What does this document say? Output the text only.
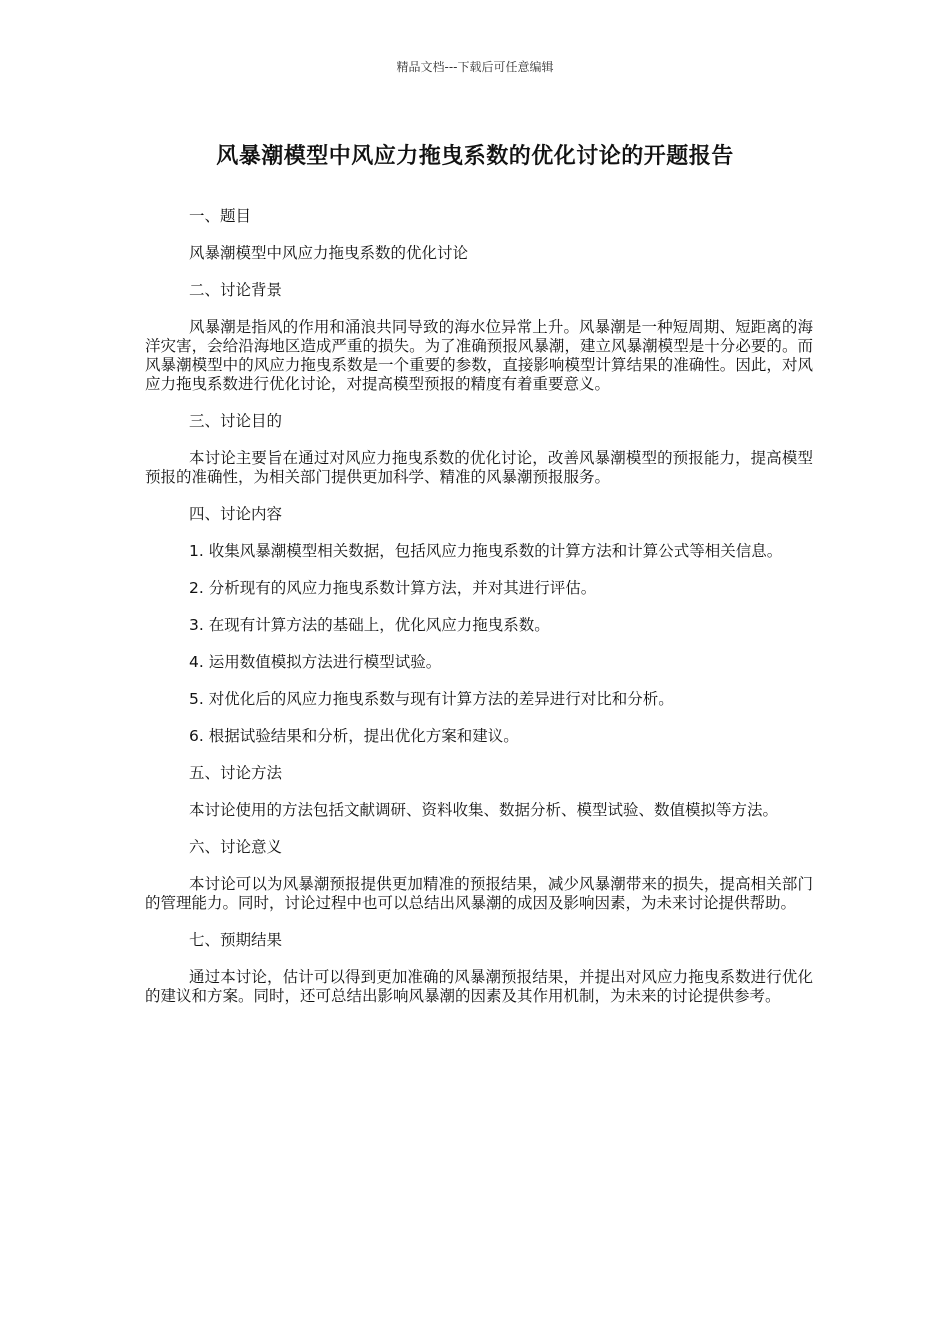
精品文档---下载后可任意编辑
风暴潮模型中风应力拖曳系数的优化讨论的开题报告

一、题目

风暴潮模型中风应力拖曳系数的优化讨论

二、讨论背景

风暴潮是指风的作用和涌浪共同导致的海水位异常上升。风暴潮是一种短周期、短距离的海洋灾害，会给沿海地区造成严重的损失。为了准确预报风暴潮，建立风暴潮模型是十分必要的。而风暴潮模型中的风应力拖曳系数是一个重要的参数，直接影响模型计算结果的准确性。因此，对风应力拖曳系数进行优化讨论，对提高模型预报的精度有着重要意义。

三、讨论目的

本讨论主要旨在通过对风应力拖曳系数的优化讨论，改善风暴潮模型的预报能力，提高模型预报的准确性，为相关部门提供更加科学、精准的风暴潮预报服务。

四、讨论内容

1. 收集风暴潮模型相关数据，包括风应力拖曳系数的计算方法和计算公式等相关信息。

2. 分析现有的风应力拖曳系数计算方法，并对其进行评估。

3. 在现有计算方法的基础上，优化风应力拖曳系数。

4. 运用数值模拟方法进行模型试验。

5. 对优化后的风应力拖曳系数与现有计算方法的差异进行对比和分析。

6. 根据试验结果和分析，提出优化方案和建议。

五、讨论方法

本讨论使用的方法包括文献调研、资料收集、数据分析、模型试验、数值模拟等方法。

六、讨论意义

本讨论可以为风暴潮预报提供更加精准的预报结果，减少风暴潮带来的损失，提高相关部门的管理能力。同时，讨论过程中也可以总结出风暴潮的成因及影响因素，为未来讨论提供帮助。

七、预期结果

通过本讨论，估计可以得到更加准确的风暴潮预报结果，并提出对风应力拖曳系数进行优化的建议和方案。同时，还可总结出影响风暴潮的因素及其作用机制，为未来的讨论提供参考。
